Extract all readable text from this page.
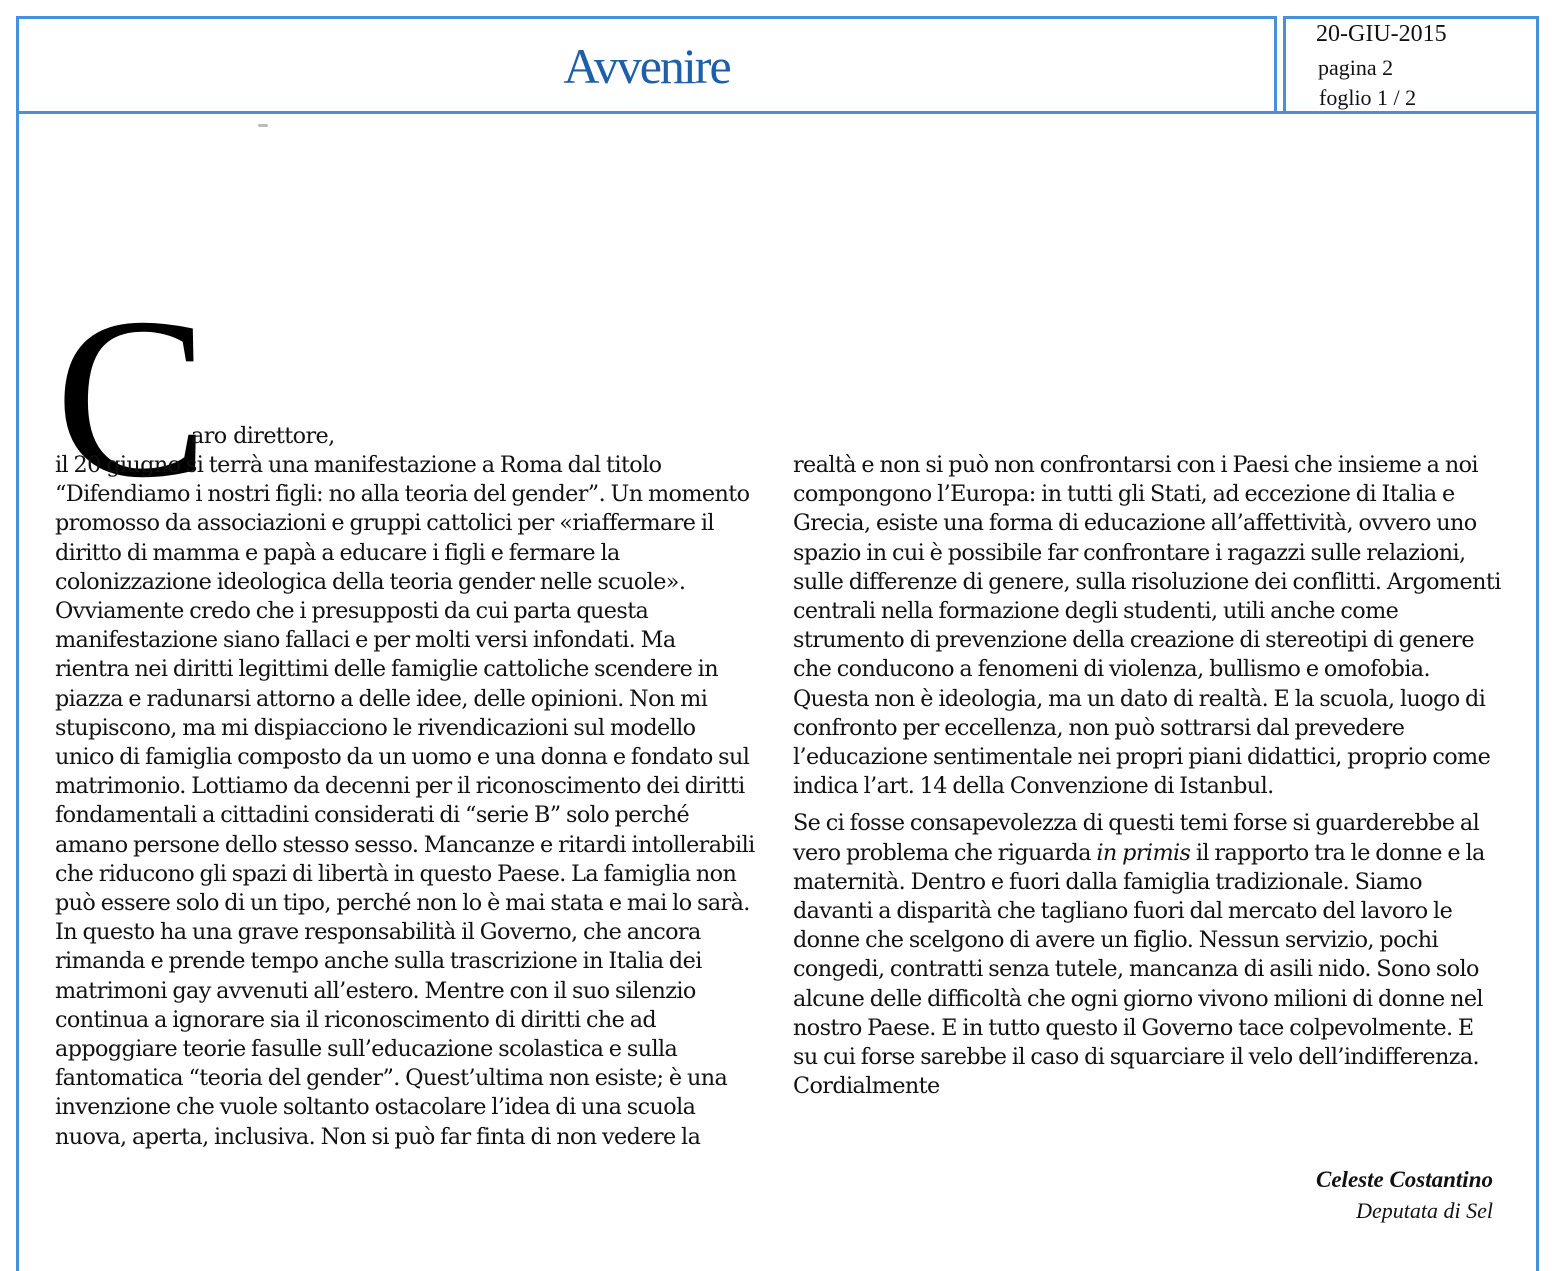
Avvenire
20-GIU-2015
pagina 2
foglio 1 / 2
C
aro direttore,

il 20 giugno si terrà una manifestazione a Roma dal titolo “Difendiamo i nostri figli: no alla teoria del gender”. Un momento promosso da associazioni e gruppi cattolici per «riaffermare il diritto di mamma e papà a educare i figli e fermare la colonizzazione ideologica della teoria gender nelle scuole». Ovviamente credo che i presupposti da cui parta questa manifestazione siano fallaci e per molti versi infondati. Ma rientra nei diritti legittimi delle famiglie cattoliche scendere in piazza e radunarsi attorno a delle idee, delle opinioni. Non mi stupiscono, ma mi dispiacciono le rivendicazioni sul modello unico di famiglia composto da un uomo e una donna e fondato sul matrimonio. Lottiamo da decenni per il riconoscimento dei diritti fondamentali a cittadini considerati di “serie B” solo perché amano persone dello stesso sesso. Mancanze e ritardi intollerabili che riducono gli spazi di libertà in questo Paese. La famiglia non può essere solo di un tipo, perché non lo è mai stata e mai lo sarà.

In questo ha una grave responsabilità il Governo, che ancora rimanda e prende tempo anche sulla trascrizione in Italia dei matrimoni gay avvenuti all’estero. Mentre con il suo silenzio continua a ignorare sia il riconoscimento di diritti che ad appoggiare teorie fasulle sull’educazione scolastica e sulla fantomatica “teoria del gender”. Quest’ultima non esiste; è una invenzione che vuole soltanto ostacolare l’idea di una scuola nuova, aperta, inclusiva. Non si può far finta di non vedere la

realtà e non si può non confrontarsi con i Paesi che insieme a noi compongono l’Europa: in tutti gli Stati, ad eccezione di Italia e Grecia, esiste una forma di educazione all’affettività, ovvero uno spazio in cui è possibile far confrontare i ragazzi sulle relazioni, sulle differenze di genere, sulla risoluzione dei conflitti. Argomenti centrali nella formazione degli studenti, utili anche come strumento di prevenzione della creazione di stereotipi di genere che conducono a fenomeni di violenza, bullismo e omofobia. Questa non è ideologia, ma un dato di realtà. E la scuola, luogo di confronto per eccellenza, non può sottrarsi dal prevedere l’educazione sentimentale nei propri piani didattici, proprio come indica l’art. 14 della Convenzione di Istanbul.

Se ci fosse consapevolezza di questi temi forse si guarderebbe al vero problema che riguarda in primis il rapporto tra le donne e la maternità. Dentro e fuori dalla famiglia tradizionale. Siamo davanti a disparità che tagliano fuori dal mercato del lavoro le donne che scelgono di avere un figlio. Nessun servizio, pochi congedi, contratti senza tutele, mancanza di asili nido. Sono solo alcune delle difficoltà che ogni giorno vivono milioni di donne nel nostro Paese. E in tutto questo il Governo tace colpevolmente. E su cui forse sarebbe il caso di squarciare il velo dell’indifferenza.

Cordialmente

Celeste Costantino
Deputata di Sel
